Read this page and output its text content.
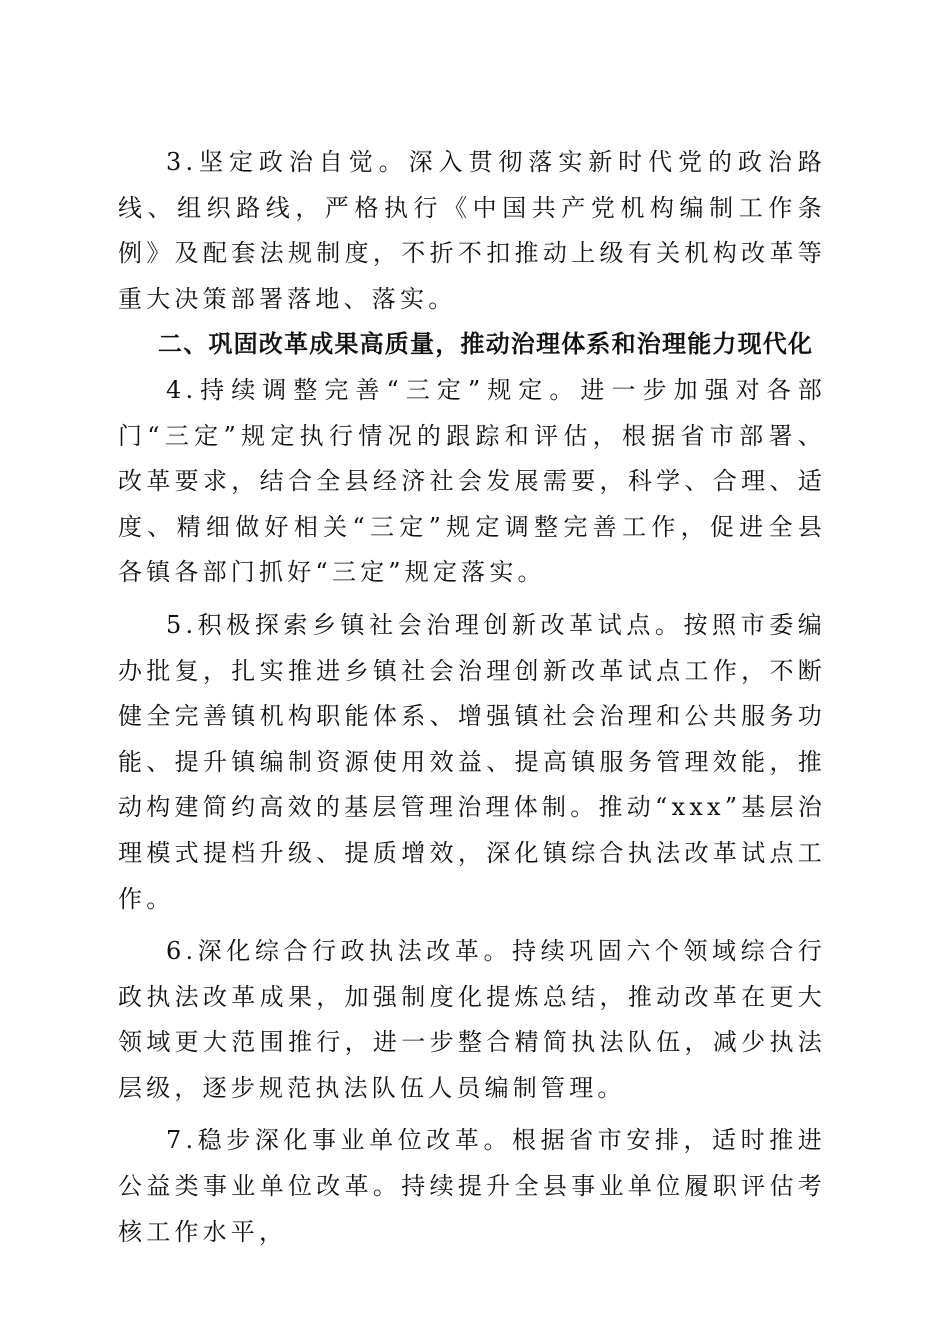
3.坚定政治自觉。深入贯彻落实新时代党的政治路线、组织路线，严格执行《中国共产党机构编制工作条例》及配套法规制度，不折不扣推动上级有关机构改革等重大决策部署落地、落实。

二、巩固改革成果高质量，推动治理体系和治理能力现代化

4.持续调整完善“三定”规定。进一步加强对各部门“三定”规定执行情况的跟踪和评估，根据省市部署、改革要求，结合全县经济社会发展需要，科学、合理、适度、精细做好相关“三定”规定调整完善工作，促进全县各镇各部门抓好“三定”规定落实。

5.积极探索乡镇社会治理创新改革试点。按照市委编办批复，扎实推进乡镇社会治理创新改革试点工作，不断健全完善镇机构职能体系、增强镇社会治理和公共服务功能、提升镇编制资源使用效益、提高镇服务管理效能，推动构建简约高效的基层管理治理体制。推动“xxx”基层治理模式提档升级、提质增效，深化镇综合执法改革试点工作。

6.深化综合行政执法改革。持续巩固六个领域综合行政执法改革成果，加强制度化提炼总结，推动改革在更大领域更大范围推行，进一步整合精简执法队伍，减少执法层级，逐步规范执法队伍人员编制管理。

7.稳步深化事业单位改革。根据省市安排，适时推进公益类事业单位改革。持续提升全县事业单位履职评估考核工作水平，
